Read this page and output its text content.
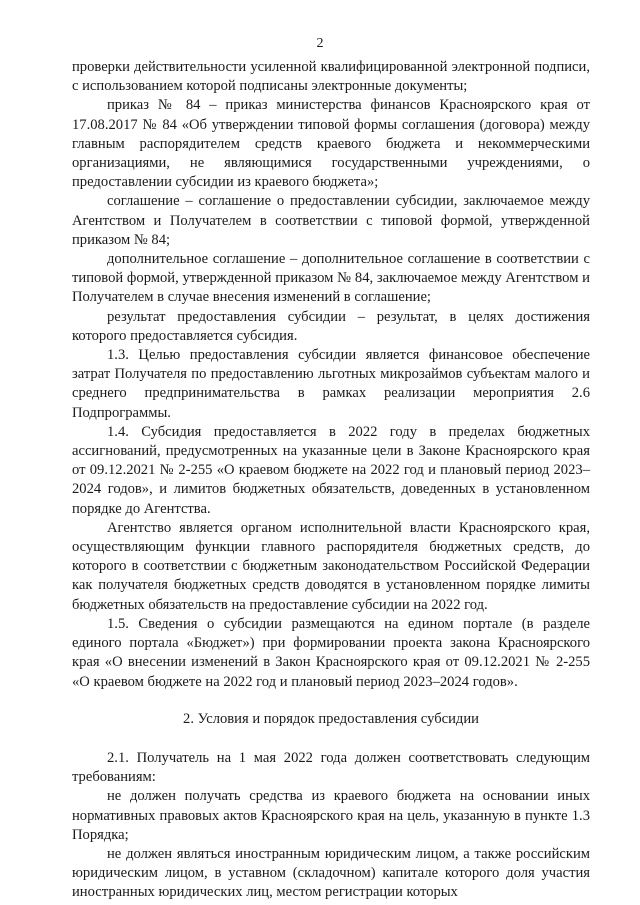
2

проверки действительности усиленной квалифицированной электронной подписи, с использованием которой подписаны электронные документы;

приказ № 84 – приказ министерства финансов Красноярского края от 17.08.2017 № 84 «Об утверждении типовой формы соглашения (договора) между главным распорядителем средств краевого бюджета и некоммерческими организациями, не являющимися государственными учреждениями, о предоставлении субсидии из краевого бюджета»;

соглашение – соглашение о предоставлении субсидии, заключаемое между Агентством и Получателем в соответствии с типовой формой, утвержденной приказом № 84;

дополнительное соглашение – дополнительное соглашение в соответствии с типовой формой, утвержденной приказом № 84, заключаемое между Агентством и Получателем в случае внесения изменений в соглашение;

результат предоставления субсидии – результат, в целях достижения которого предоставляется субсидия.

1.3. Целью предоставления субсидии является финансовое обеспечение затрат Получателя по предоставлению льготных микрозаймов субъектам малого и среднего предпринимательства в рамках реализации мероприятия 2.6 Подпрограммы.

1.4. Субсидия предоставляется в 2022 году в пределах бюджетных ассигнований, предусмотренных на указанные цели в Законе Красноярского края от 09.12.2021 № 2-255 «О краевом бюджете на 2022 год и плановый период 2023–2024 годов», и лимитов бюджетных обязательств, доведенных в установленном порядке до Агентства.

Агентство является органом исполнительной власти Красноярского края, осуществляющим функции главного распорядителя бюджетных средств, до которого в соответствии с бюджетным законодательством Российской Федерации как получателя бюджетных средств доводятся в установленном порядке лимиты бюджетных обязательств на предоставление субсидии на 2022 год.

1.5. Сведения о субсидии размещаются на едином портале (в разделе единого портала «Бюджет») при формировании проекта закона Красноярского края «О внесении изменений в Закон Красноярского края от 09.12.2021 № 2-255 «О краевом бюджете на 2022 год и плановый период 2023–2024 годов».

2. Условия и порядок предоставления субсидии

2.1. Получатель на 1 мая 2022 года должен соответствовать следующим требованиям:

не должен получать средства из краевого бюджета на основании иных нормативных правовых актов Красноярского края на цель, указанную в пункте 1.3 Порядка;

не должен являться иностранным юридическим лицом, а также российским юридическим лицом, в уставном (складочном) капитале которого доля участия иностранных юридических лиц, местом регистрации которых
